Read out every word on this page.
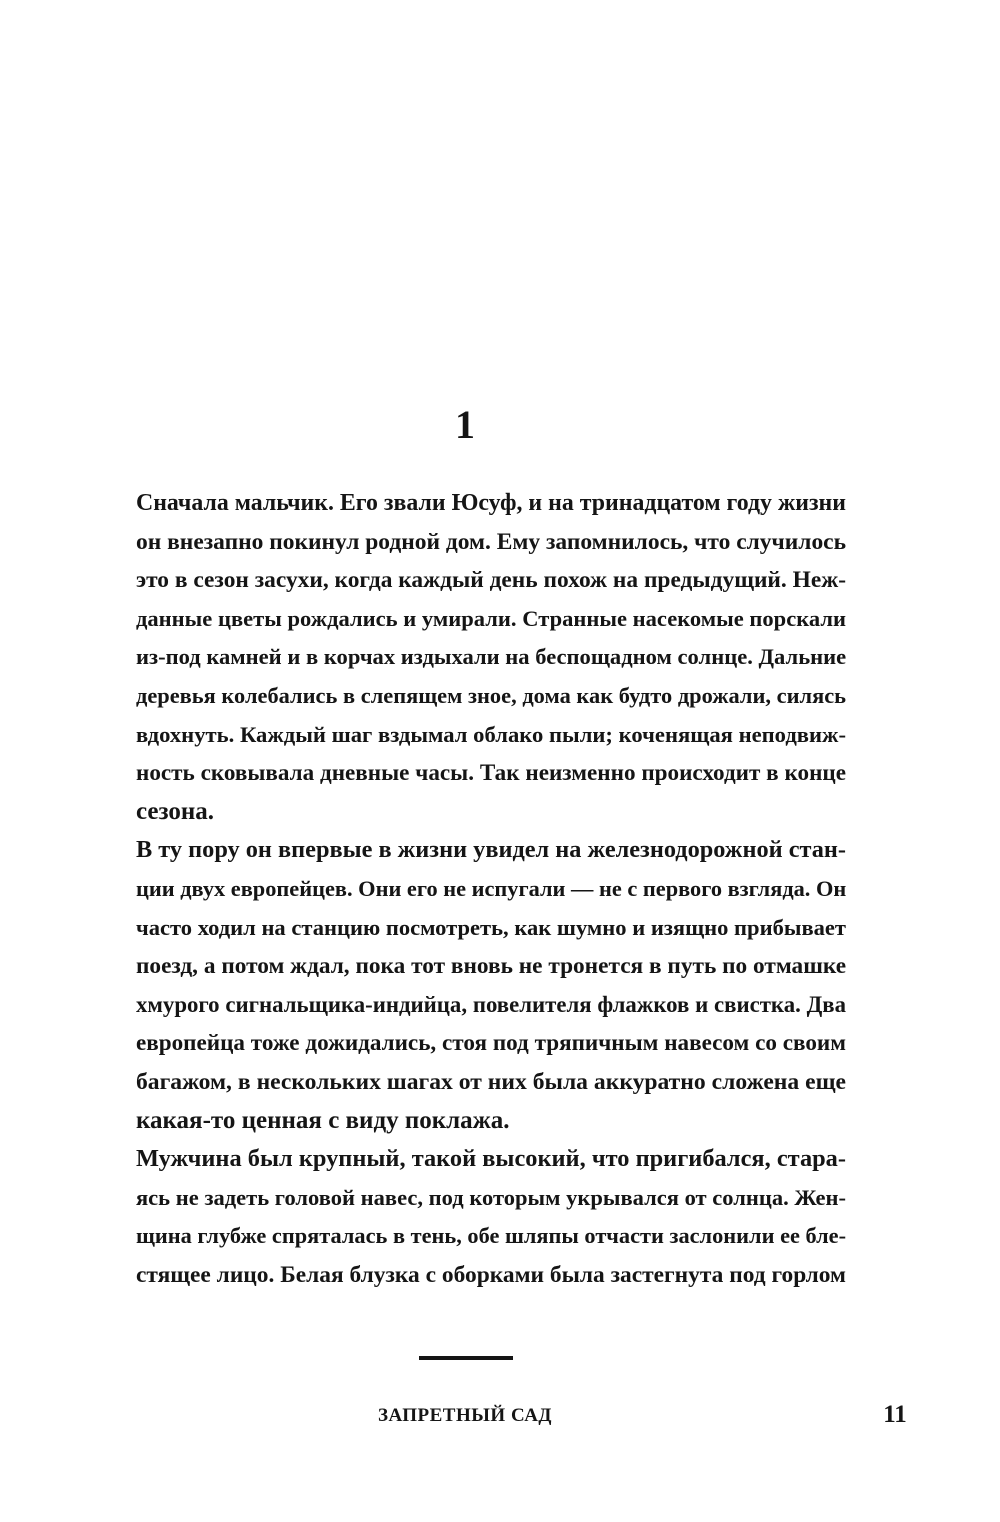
1
Сначала мальчик. Его звали Юсуф, и на тринадцатом году жизни
он внезапно покинул родной дом. Ему запомнилось, что случилось
это в сезон засухи, когда каждый день похож на предыдущий. Неж-
данные цветы рождались и умирали. Странные насекомые порскали
из-под камней и в корчах издыхали на беспощадном солнце. Дальние
деревья колебались в слепящем зное, дома как будто дрожали, силясь
вдохнуть. Каждый шаг вздымал облако пыли; коченящая неподвиж-
ность сковывала дневные часы. Так неизменно происходит в конце
сезона.
В ту пору он впервые в жизни увидел на железнодорожной стан-
ции двух европейцев. Они его не испугали — не с первого взгляда. Он
часто ходил на станцию посмотреть, как шумно и изящно прибывает
поезд, а потом ждал, пока тот вновь не тронется в путь по отмашке
хмурого сигнальщика-индийца, повелителя флажков и свистка. Два
европейца тоже дожидались, стоя под тряпичным навесом со своим
багажом, в нескольких шагах от них была аккуратно сложена еще
какая-то ценная с виду поклажа.
Мужчина был крупный, такой высокий, что пригибался, стара-
ясь не задеть головой навес, под которым укрывался от солнца. Жен-
щина глубже спряталась в тень, обе шляпы отчасти заслонили ее бле-
стящее лицо. Белая блузка с оборками была застегнута под горлом
ЗАПРЕТНЫЙ САД	11
